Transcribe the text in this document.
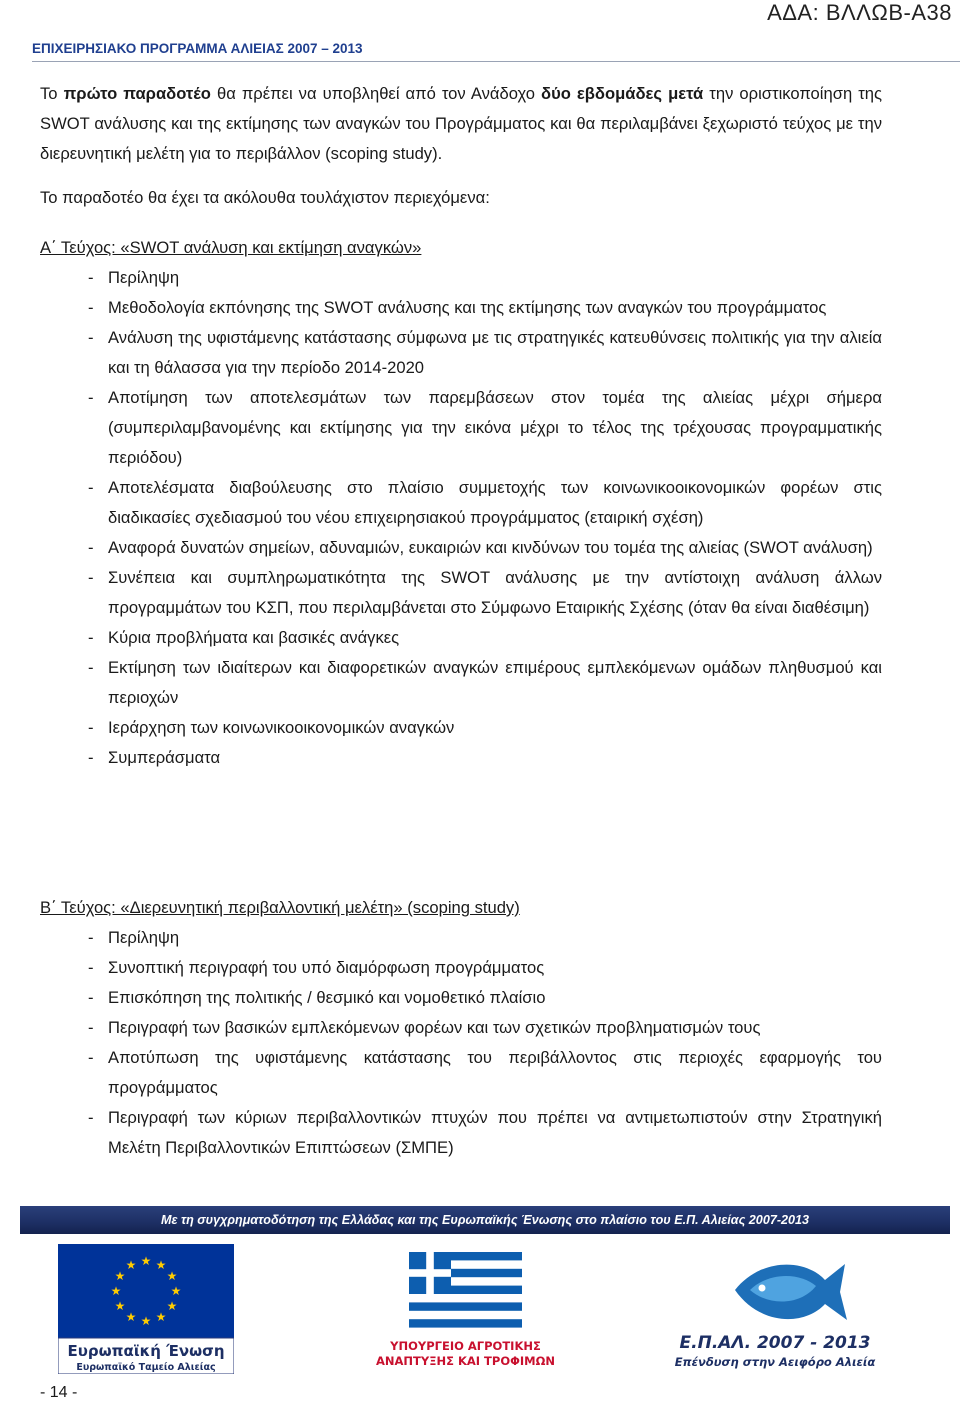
ΑΔΑ: ΒΛΛΩΒ-Α38
ΕΠΙΧΕΙΡΗΣΙΑΚΟ ΠΡΟΓΡΑΜΜΑ ΑΛΙΕΙΑΣ 2007 – 2013
Το πρώτο παραδοτέο θα πρέπει να υποβληθεί από τον Ανάδοχο δύο εβδομάδες μετά την οριστικοποίηση της SWOT ανάλυσης και της εκτίμησης των αναγκών του Προγράμματος και θα περιλαμβάνει ξεχωριστό τεύχος με την διερευνητική μελέτη για το περιβάλλον (scoping study).
Το παραδοτέο θα έχει τα ακόλουθα τουλάχιστον περιεχόμενα:
Α΄ Τεύχος: «SWOT ανάλυση και εκτίμηση αναγκών»
- Περίληψη
- Μεθοδολογία εκπόνησης της SWOT ανάλυσης και της εκτίμησης των αναγκών του προγράμματος
- Ανάλυση της υφιστάμενης κατάστασης σύμφωνα με τις στρατηγικές κατευθύνσεις πολιτικής για την αλιεία και τη θάλασσα για την περίοδο 2014-2020
- Αποτίμηση των αποτελεσμάτων των παρεμβάσεων στον τομέα της αλιείας μέχρι σήμερα (συμπεριλαμβανομένης και εκτίμησης για την εικόνα μέχρι το τέλος της τρέχουσας προγραμματικής περιόδου)
- Αποτελέσματα διαβούλευσης στο πλαίσιο συμμετοχής των κοινωνικοοικονομικών φορέων στις διαδικασίες σχεδιασμού του νέου επιχειρησιακού προγράμματος (εταιρική σχέση)
- Αναφορά δυνατών σημείων, αδυναμιών, ευκαιριών και κινδύνων του τομέα της αλιείας (SWOT ανάλυση)
- Συνέπεια και συμπληρωματικότητα της SWOT ανάλυσης με την αντίστοιχη ανάλυση άλλων προγραμμάτων του ΚΣΠ, που περιλαμβάνεται στο Σύμφωνο Εταιρικής Σχέσης (όταν θα είναι διαθέσιμη)
- Κύρια προβλήματα και βασικές ανάγκες
- Εκτίμηση των ιδιαίτερων και διαφορετικών αναγκών επιμέρους εμπλεκόμενων ομάδων πληθυσμού και περιοχών
- Ιεράρχηση των κοινωνικοοικονομικών αναγκών
- Συμπεράσματα
Β΄ Τεύχος: «Διερευνητική περιβαλλοντική μελέτη» (scoping study)
- Περίληψη
- Συνοπτική περιγραφή του υπό διαμόρφωση προγράμματος
- Επισκόπηση της πολιτικής / θεσμικό και νομοθετικό πλαίσιο
- Περιγραφή των βασικών εμπλεκόμενων φορέων και των σχετικών προβληματισμών τους
- Αποτύπωση της υφιστάμενης κατάστασης του περιβάλλοντος στις περιοχές εφαρμογής του προγράμματος
- Περιγραφή των κύριων περιβαλλοντικών πτυχών που πρέπει να αντιμετωπιστούν στην Στρατηγική Μελέτη Περιβαλλοντικών Επιπτώσεων (ΣΜΠΕ)
Με τη συγχρηματοδότηση της Ελλάδας και της Ευρωπαϊκής Ένωσης στο πλαίσιο του Ε.Π. Αλιείας 2007-2013
★ ★
★
★
★
★
★
★
★
★
★
★
Ευρωπαϊκή Ένωση
Ευρωπαϊκό Ταμείο Αλιείας
ΥΠΟΥΡΓΕΙΟ ΑΓΡΟΤΙΚΗΣ
ΑΝΑΠΤΥΞΗΣ ΚΑΙ ΤΡΟΦΙΜΩΝ
Ε.Π.ΑΛ. 2007 - 2013
Επένδυση στην Αειφόρο Αλιεία
- 14 -
